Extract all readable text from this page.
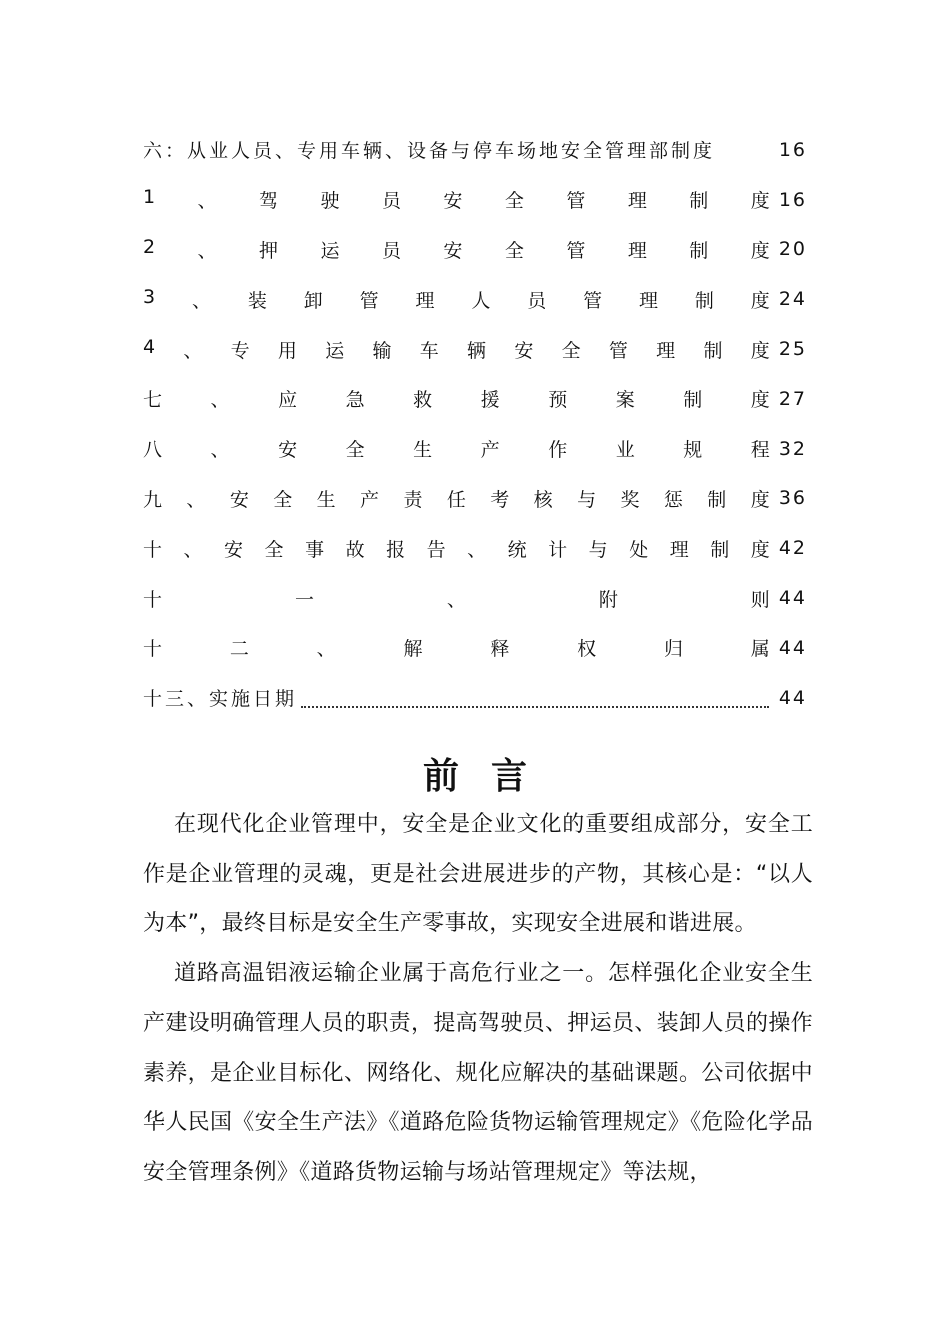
六：从业人员、专用车辆、设备与停车场地安全管理部制度	16
1 、 驾 驶 员 安 全 管 理 制 度 16
2 、 押 运 员 安 全 管 理 制 度 20
3 、 装 卸 管 理 人 员 管 理 制 度 24
4 、 专 用 运 输 车 辆 安 全 管 理 制 度 25
七 、 应 急 救 援 预 案 制 度 27
八 、 安 全 生 产 作 业 规 程 32
九 、 安 全 生 产 责 任 考 核 与 奖 惩 制 度 36
十 、 安 全 事 故 报 告 、 统 计 与 处 理 制 度 42
十	一	、	附	则 44
十	二	、	解	释	权	归	属 44
十三、实施日期	44
前言

在现代化企业管理中，安全是企业文化的重要组成部分，安全工作是企业管理的灵魂，更是社会进展进步的产物，其核心是：“以人为本”，最终目标是安全生产零事故，实现安全进展和谐进展。

道路高温铝液运输企业属于高危行业之一。怎样强化企业安全生产建设明确管理人员的职责，提高驾驶员、押运员、装卸人员的操作素养，是企业目标化、网络化、规化应解决的基础课题。公司依据中华人民国《安全生产法》《道路危险货物运输管理规定》《危险化学品安全管理条例》《道路货物运输与场站管理规定》等法规，
